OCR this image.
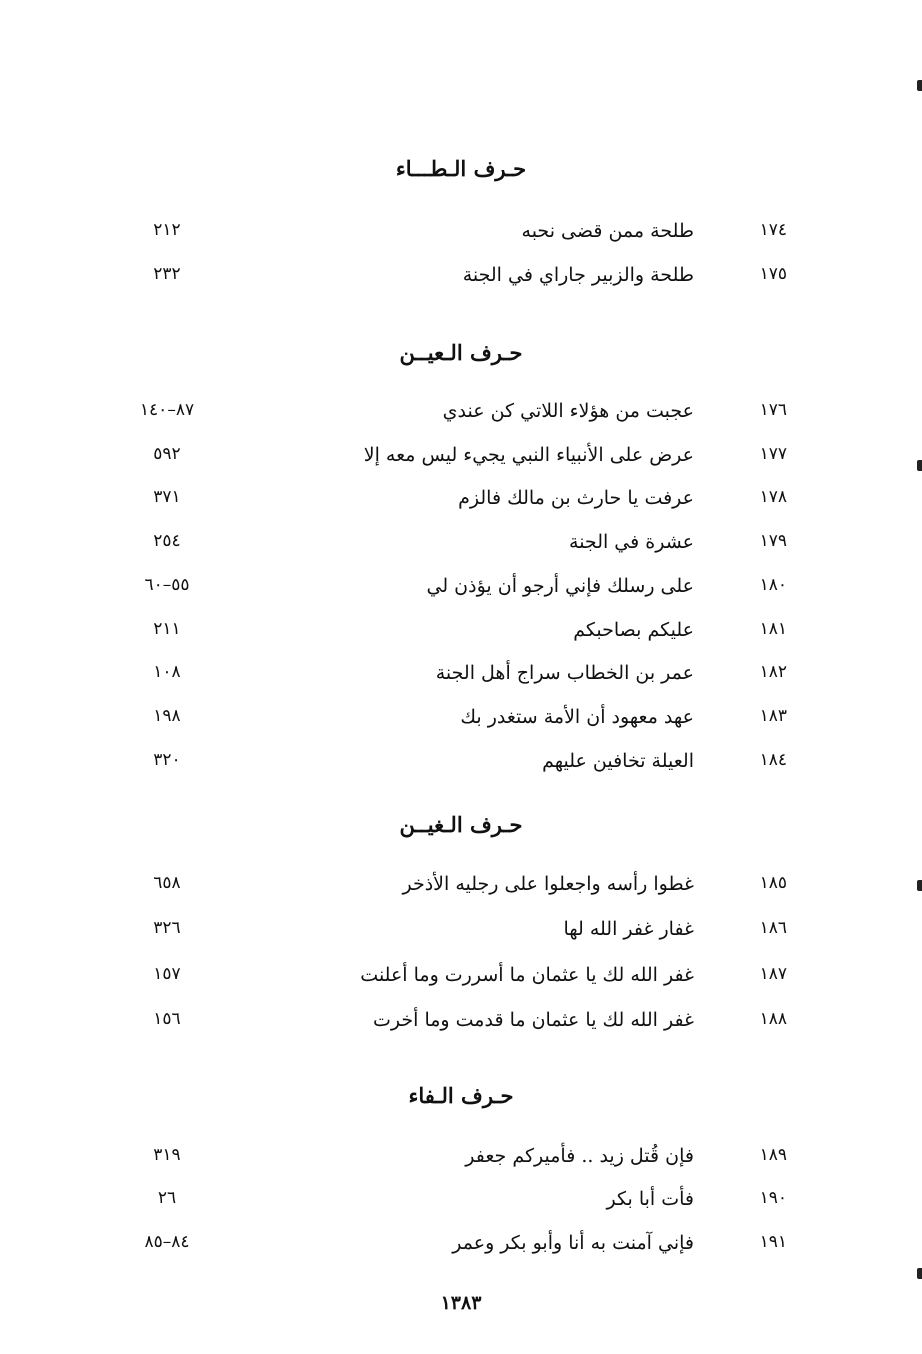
حـرف الـطـــاء
١٧٤
طلحة ممن قضى نحبه
٢١٢
١٧٥
طلحة والزبير جاراي في الجنة
٢٣٢
حـرف الـعيــن
١٧٦
عجبت من هؤلاء اللاتي كن عندي
٨٧–١٤٠
١٧٧
عرض على الأنبياء النبي يجيء ليس معه إلا
٥٩٢
١٧٨
عرفت يا حارث بن مالك فالزم
٣٧١
١٧٩
عشرة في الجنة
٢٥٤
١٨٠
على رسلك فإني أرجو أن يؤذن لي
٥٥–٦٠
١٨١
عليكم بصاحبكم
٢١١
١٨٢
عمر بن الخطاب سراج أهل الجنة
١٠٨
١٨٣
عهد معهود أن الأمة ستغدر بك
١٩٨
١٨٤
العيلة تخافين عليهم
٣٢٠
حـرف الـغيــن
١٨٥
غطوا رأسه واجعلوا على رجليه الأذخر
٦٥٨
١٨٦
غفار غفر الله لها
٣٢٦
١٨٧
غفر الله لك يا عثمان ما أسررت وما أعلنت
١٥٧
١٨٨
غفر الله لك يا عثمان ما قدمت وما أخرت
١٥٦
حـرف الـفاء
١٨٩
فإن قُتل زيد .. فأميركم جعفر
٣١٩
١٩٠
فأت أبا بكر
٢٦
١٩١
فإني آمنت به أنا وأبو بكر وعمر
٨٤–٨٥
١٣٨٣
